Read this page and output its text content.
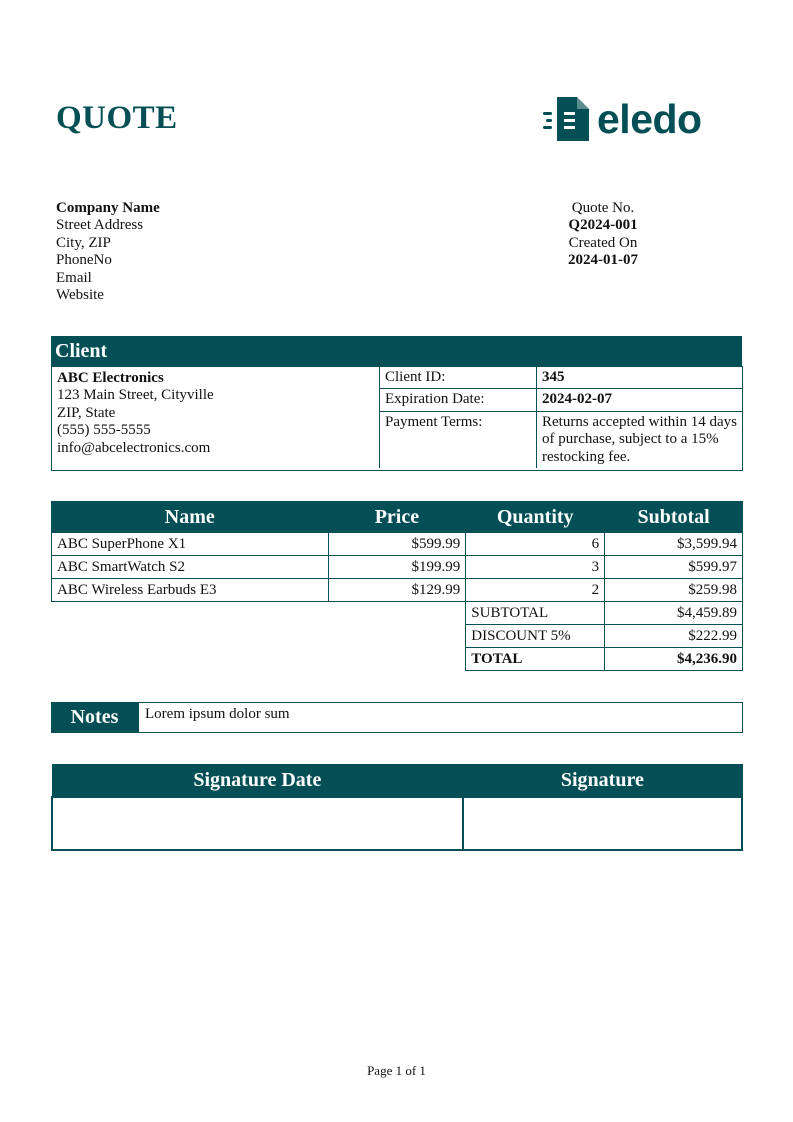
QUOTE	eledo
Company Name
Street Address
City, ZIP
PhoneNo
Email
Website
Quote No.
Q2024-001
Created On
2024-01-07
Client
ABC Electronics
123 Main Street, Cityville
ZIP, State
(555) 555-5555
info@abcelectronics.com
Client ID:	345
Expiration Date:	2024-02-07
Payment Terms:	Returns accepted within 14 days of purchase, subject to a 15% restocking fee.
Name	Price	Quantity	Subtotal
ABC SuperPhone X1	$599.99	6	$3,599.94
ABC SmartWatch S2	$199.99	3	$599.97
ABC Wireless Earbuds E3	$129.99	2	$259.98
		SUBTOTAL	$4,459.89
		DISCOUNT 5%	$222.99
		TOTAL	$4,236.90
Notes	Lorem ipsum dolor sum
Signature Date	Signature

Page 1 of 1
